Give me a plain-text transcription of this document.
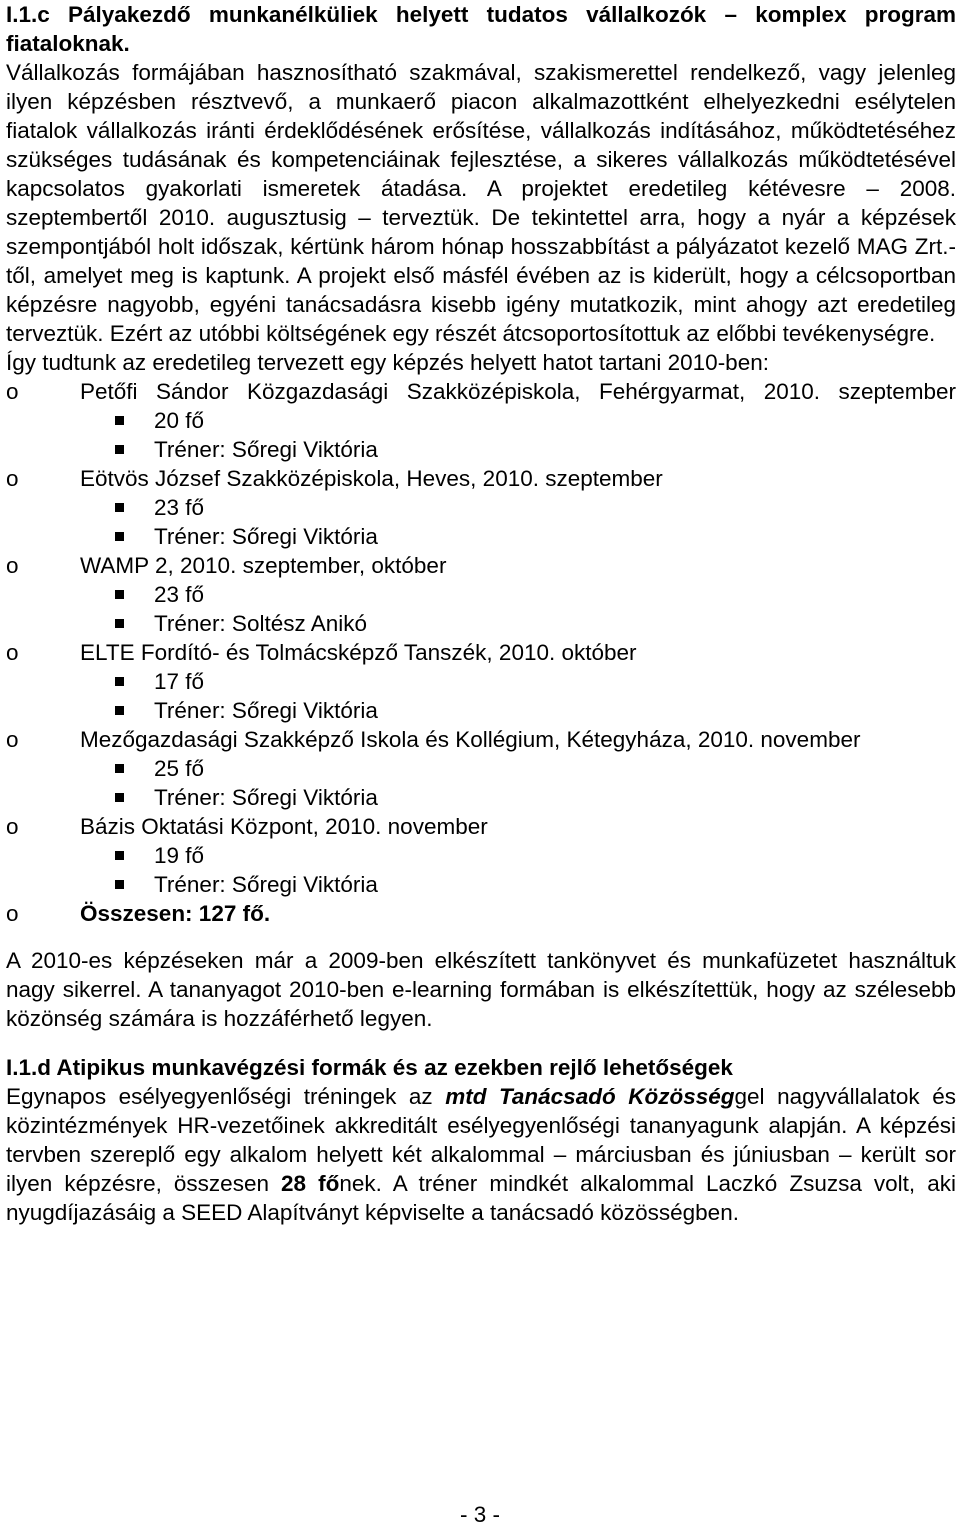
I.1.c Pályakezdő munkanélküliek helyett tudatos vállalkozók – komplex program fiataloknak.
Vállalkozás formájában hasznosítható szakmával, szakismerettel rendelkező, vagy jelenleg ilyen képzésben résztvevő, a munkaerő piacon alkalmazottként elhelyezkedni esélytelen fiatalok vállalkozás iránti érdeklődésének erősítése, vállalkozás indításához, működtetéséhez szükséges tudásának és kompetenciáinak fejlesztése, a sikeres vállalkozás működtetésével kapcsolatos gyakorlati ismeretek átadása. A projektet eredetileg kétévesre – 2008. szeptembertől 2010. augusztusig – terveztük. De tekintettel arra, hogy a nyár a képzések szempontjából holt időszak, kértünk három hónap hosszabbítást a pályázatot kezelő MAG Zrt.-től, amelyet meg is kaptunk. A projekt első másfél évében az is kiderült, hogy a célcsoportban képzésre nagyobb, egyéni tanácsadásra kisebb igény mutatkozik, mint ahogy azt eredetileg terveztük. Ezért az utóbbi költségének egy részét átcsoportosítottuk az előbbi tevékenységre.
Így tudtunk az eredetileg tervezett egy képzés helyett hatot tartani 2010-ben:
o	Petőfi Sándor Közgazdasági Szakközépiskola, Fehérgyarmat, 2010. szeptember
20 fő
Tréner: Sőregi Viktória
o	Eötvös József Szakközépiskola, Heves, 2010. szeptember
23 fő
Tréner: Sőregi Viktória
o	WAMP 2, 2010. szeptember, október
23 fő
Tréner: Soltész Anikó
o	ELTE Fordító- és Tolmácsképző Tanszék, 2010. október
17 fő
Tréner: Sőregi Viktória
o	Mezőgazdasági Szakképző Iskola és Kollégium, Kétegyháza, 2010. november
25 fő
Tréner: Sőregi Viktória
o	Bázis Oktatási Központ, 2010. november
19 fő
Tréner: Sőregi Viktória
o	Összesen: 127 fő.
A 2010-es képzéseken már a 2009-ben elkészített tankönyvet és munkafüzetet használtuk nagy sikerrel. A tananyagot 2010-ben e-learning formában is elkészítettük, hogy az szélesebb közönség számára is hozzáférhető legyen.
I.1.d Atipikus munkavégzési formák és az ezekben rejlő lehetőségek
Egynapos esélyegyenlőségi tréningek az mtd Tanácsadó Közösséggel nagyvállalatok és közintézmények HR-vezetőinek akkreditált esélyegyenlőségi tananyagunk alapján. A képzési tervben szereplő egy alkalom helyett két alkalommal – márciusban és júniusban – került sor ilyen képzésre, összesen 28 főnek. A tréner mindkét alkalommal Laczkó Zsuzsa volt, aki nyugdíjazásáig a SEED Alapítványt képviselte a tanácsadó közösségben.
- 3 -
